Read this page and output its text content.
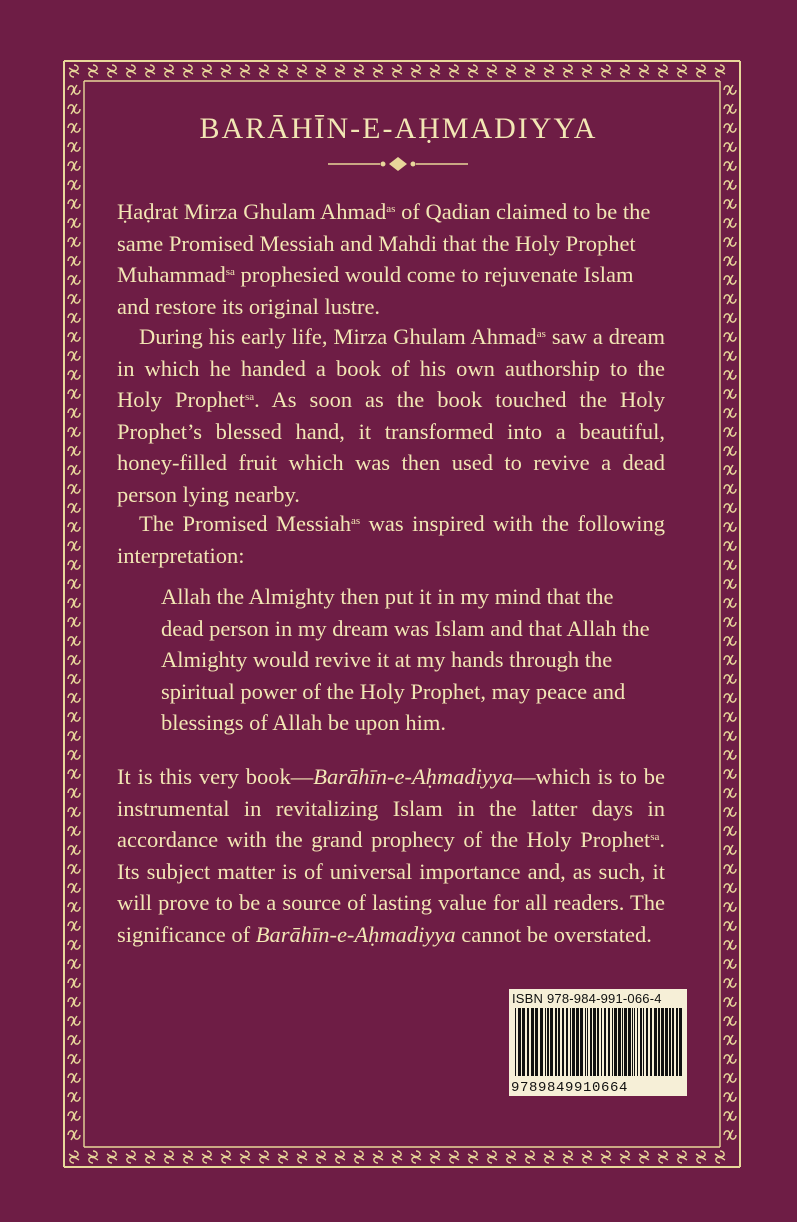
BARĀHĪN-E-AḤMADIYYA
Ḥaḍrat Mirza Ghulam Ahmad$^{as}$ of Qadian claimed to be the same Promised Messiah and Mahdi that the Holy Prophet Muhammad$^{sa}$ prophesied would come to rejuvenate Islam and restore its original lustre.
During his early life, Mirza Ghulam Ahmad$^{as}$ saw a dream in which he handed a book of his own authorship to the Holy Prophet$^{sa}$. As soon as the book touched the Holy Prophet’s blessed hand, it transformed into a beautiful, honey-filled fruit which was then used to revive a dead person lying nearby.
The Promised Messiah$^{as}$ was inspired with the following interpretation:
Allah the Almighty then put it in my mind that the dead person in my dream was Islam and that Allah the Almighty would revive it at my hands through the spiritual power of the Holy Prophet, may peace and blessings of Allah be upon him.
It is this very book—Barāhīn-e-Aḥmadiyya—which is to be instrumental in revitalizing Islam in the latter days in accordance with the grand prophecy of the Holy Prophet$^{sa}$. Its subject matter is of universal importance and, as such, it will prove to be a source of lasting value for all readers. The significance of Barāhīn-e-Aḥmadiyya cannot be overstated.
ISBN 978-984-991-066-4
9789849910664
